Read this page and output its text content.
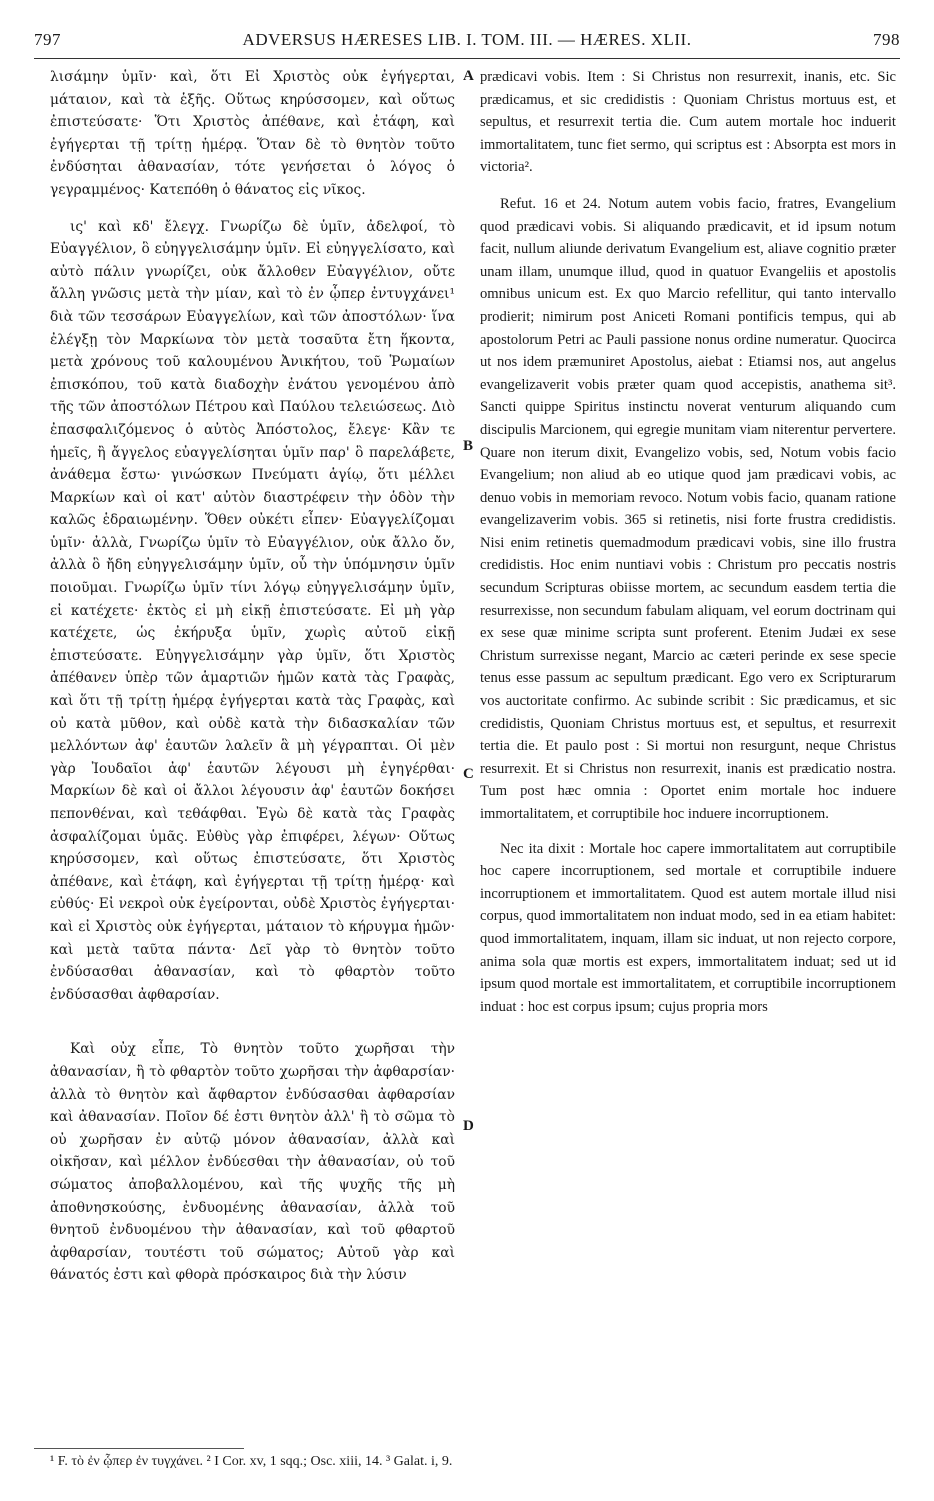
797	ADVERSUS HÆRESES LIB. I. TOM. III. — HÆRES. XLII.	798

λισάμην ὑμῖν· καὶ, ὅτι Εἰ Χριστὸς οὐκ ἐγήγερται, μάταιον, καὶ τὰ ἑξῆς. Οὕτως κηρύσσομεν, καὶ οὕτως ἐπιστεύσατε· Ὅτι Χριστὸς ἀπέθανε, καὶ ἐτάφη, καὶ ἐγήγερται τῇ τρίτῃ ἡμέρᾳ. Ὅταν δὲ τὸ θνητὸν τοῦτο ἐνδύσηται ἀθανασίαν, τότε γενήσεται ὁ λόγος ὁ γεγραμμένος· Κατεπόθη ὁ θάνατος εἰς νῖκος.

ις' καὶ κδ' ἔλεγχ. Γνωρίζω δὲ ὑμῖν, ἀδελφοί, τὸ Εὐαγγέλιον, ὃ εὐηγγελισάμην ὑμῖν. Εἰ εὐηγγελίσατο, καὶ αὐτὸ πάλιν γνωρίζει, οὐκ ἄλλοθεν Εὐαγγέλιον, οὔτε ἄλλη γνῶσις μετὰ τὴν μίαν, καὶ τὸ ἐν ᾧπερ ἐντυγχάνει¹ διὰ τῶν τεσσάρων Εὐαγγελίων, καὶ τῶν ἀποστόλων· ἵνα ἐλέγξῃ τὸν Μαρκίωνα τὸν μετὰ τοσαῦτα ἔτη ἥκοντα, μετὰ χρόνους τοῦ καλουμένου Ἀνικήτου, τοῦ Ῥωμαίων ἐπισκόπου, τοῦ κατὰ διαδοχὴν ἐνάτου γενομένου ἀπὸ τῆς τῶν ἀποστόλων Πέτρου καὶ Παύλου τελειώσεως. Διὸ ἐπασφαλιζόμενος ὁ αὐτὸς Ἀπόστολος, ἔλεγε· Κἂν τε ἡμεῖς, ἢ ἄγγελος εὐαγγελίσηται ὑμῖν παρ' ὃ παρελάβετε, ἀνάθεμα ἔστω· γινώσκων Πνεύματι ἁγίῳ, ὅτι μέλλει Μαρκίων καὶ οἱ κατ' αὐτὸν διαστρέφειν τὴν ὁδὸν τὴν καλῶς ἑδραιωμένην. Ὅθεν οὐκέτι εἶπεν· Εὐαγγελίζομαι ὑμῖν· ἀλλὰ, Γνωρίζω ὑμῖν τὸ Εὐαγγέλιον, οὐκ ἄλλο ὄν, ἀλλὰ ὃ ἤδη εὐηγγελισάμην ὑμῖν, οὗ τὴν ὑπόμνησιν ὑμῖν ποιοῦμαι. Γνωρίζω ὑμῖν τίνι λόγῳ εὐηγγελισάμην ὑμῖν, εἰ κατέχετε· ἐκτὸς εἰ μὴ εἰκῇ ἐπιστεύσατε. Εἰ μὴ γὰρ κατέχετε, ὡς ἐκήρυξα ὑμῖν, χωρὶς αὐτοῦ εἰκῇ ἐπιστεύσατε. Εὐηγγελισάμην γὰρ ὑμῖν, ὅτι Χριστὸς ἀπέθανεν ὑπὲρ τῶν ἁμαρτιῶν ἡμῶν κατὰ τὰς Γραφὰς, καὶ ὅτι τῇ τρίτῃ ἡμέρᾳ ἐγήγερται κατὰ τὰς Γραφὰς, καὶ οὐ κατὰ μῦθον, καὶ οὐδὲ κατὰ τὴν διδασκαλίαν τῶν μελλόντων ἀφ' ἑαυτῶν λαλεῖν ἃ μὴ γέγραπται. Οἱ μὲν γὰρ Ἰουδαῖοι ἀφ' ἑαυτῶν λέγουσι μὴ ἐγηγέρθαι· Μαρκίων δὲ καὶ οἱ ἄλλοι λέγουσιν ἀφ' ἑαυτῶν δοκήσει πεπονθέναι, καὶ τεθάφθαι. Ἐγὼ δὲ κατὰ τὰς Γραφὰς ἀσφαλίζομαι ὑμᾶς. Εὐθὺς γὰρ ἐπιφέρει, λέγων· Οὕτως κηρύσσομεν, καὶ οὕτως ἐπιστεύσατε, ὅτι Χριστὸς ἀπέθανε, καὶ ἐτάφη, καὶ ἐγήγερται τῇ τρίτῃ ἡμέρᾳ· καὶ εὐθύς· Εἰ νεκροὶ οὐκ ἐγείρονται, οὐδὲ Χριστὸς ἐγήγερται· καὶ εἰ Χριστὸς οὐκ ἐγήγερται, μάταιον τὸ κήρυγμα ἡμῶν· καὶ μετὰ ταῦτα πάντα· Δεῖ γὰρ τὸ θνητὸν τοῦτο ἐνδύσασθαι ἀθανασίαν, καὶ τὸ φθαρτὸν τοῦτο ἐνδύσασθαι ἀφθαρσίαν.

Καὶ οὐχ εἶπε, Τὸ θνητὸν τοῦτο χωρῆσαι τὴν ἀθανασίαν, ἢ τὸ φθαρτὸν τοῦτο χωρῆσαι τὴν ἀφθαρσίαν· ἀλλὰ τὸ θνητὸν καὶ ἄφθαρτον ἐνδύσασθαι ἀφθαρσίαν καὶ ἀθανασίαν. Ποῖον δέ ἐστι θνητὸν ἀλλ' ἢ τὸ σῶμα τὸ οὐ χωρῆσαν ἐν αὐτῷ μόνον ἀθανασίαν, ἀλλὰ καὶ οἰκῆσαν, καὶ μέλλον ἐνδύεσθαι τὴν ἀθανασίαν, οὐ τοῦ σώματος ἀποβαλλομένου, καὶ τῆς ψυχῆς τῆς μὴ ἀποθνησκούσης, ἐνδυομένης ἀθανασίαν, ἀλλὰ τοῦ θνητοῦ ἐνδυομένου τὴν ἀθανασίαν, καὶ τοῦ φθαρτοῦ ἀφθαρσίαν, τουτέστι τοῦ σώματος; Αὐτοῦ γὰρ καὶ θάνατός ἐστι καὶ φθορὰ πρόσκαιρος διὰ τὴν λύσιν

A
B
C
D

prædicavi vobis. Item : Si Christus non resurrexit, inanis, etc. Sic prædicamus, et sic credidistis : Quoniam Christus mortuus est, et sepultus, et resurrexit tertia die. Cum autem mortale hoc induerit immortalitatem, tunc fiet sermo, qui scriptus est : Absorpta est mors in victoria².

Refut. 16 et 24. Notum autem vobis facio, fratres, Evangelium quod prædicavi vobis. Si aliquando prædicavit, et id ipsum notum facit, nullum aliunde derivatum Evangelium est, aliave cognitio præter unam illam, unumque illud, quod in quatuor Evangeliis et apostolis omnibus unicum est. Ex quo Marcio refellitur, qui tanto intervallo prodierit; nimirum post Aniceti Romani pontificis tempus, qui ab apostolorum Petri ac Pauli passione nonus ordine numeratur. Quocirca ut nos idem præmuniret Apostolus, aiebat : Etiamsi nos, aut angelus evangelizaverit vobis præter quam quod accepistis, anathema sit³. Sancti quippe Spiritus instinctu noverat venturum aliquando cum discipulis Marcionem, qui egregie munitam viam niterentur pervertere. Quare non iterum dixit, Evangelizo vobis, sed, Notum vobis facio Evangelium; non aliud ab eo utique quod jam prædicavi vobis, ac denuo vobis in memoriam revoco. Notum vobis facio, quanam ratione evangelizaverim vobis. 365 si retinetis, nisi forte frustra credidistis. Nisi enim retinetis quemadmodum prædicavi vobis, sine illo frustra credidistis. Hoc enim nuntiavi vobis : Christum pro peccatis nostris secundum Scripturas obiisse mortem, ac secundum easdem tertia die resurrexisse, non secundum fabulam aliquam, vel eorum doctrinam qui ex sese quæ minime scripta sunt proferent. Etenim Judæi ex sese Christum surrexisse negant, Marcio ac cæteri perinde ex sese specie tenus esse passum ac sepultum prædicant. Ego vero ex Scripturarum vos auctoritate confirmo. Ac subinde scribit : Sic prædicamus, et sic credidistis, Quoniam Christus mortuus est, et sepultus, et resurrexit tertia die. Et paulo post : Si mortui non resurgunt, neque Christus resurrexit. Et si Christus non resurrexit, inanis est prædicatio nostra. Tum post hæc omnia : Oportet enim mortale hoc induere immortalitatem, et corruptibile hoc induere incorruptionem.

Nec ita dixit : Mortale hoc capere immortalitatem aut corruptibile hoc capere incorruptionem, sed mortale et corruptibile induere incorruptionem et immortalitatem. Quod est autem mortale illud nisi corpus, quod immortalitatem non induat modo, sed in ea etiam habitet: quod immortalitatem, inquam, illam sic induat, ut non rejecto corpore, anima sola quæ mortis est expers, immortalitatem induat; sed ut id ipsum quod mortale est immortalitatem, et corruptibile incorruptionem induat : hoc est corpus ipsum; cujus propria mors

¹ F. τὸ ἐν ᾧπερ ἐν τυγχάνει. ² I Cor. xv, 1 sqq.; Osc. xiii, 14. ³ Galat. i, 9.
